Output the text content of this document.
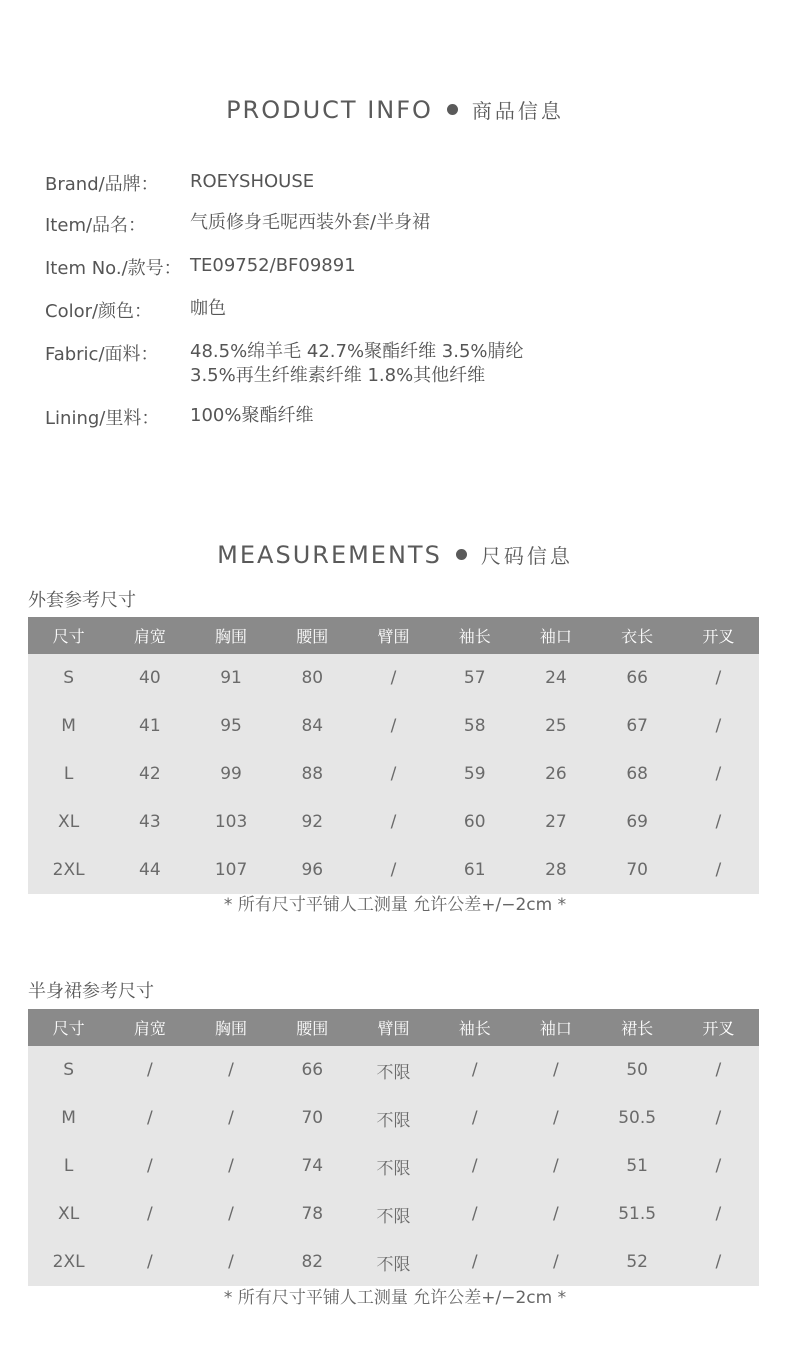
PRODUCT INFO 商品信息
Brand/品牌：	ROEYSHOUSE
Item/品名：	气质修身毛呢西装外套/半身裙
Item No./款号： TE09752/BF09891
Color/颜色：	咖色
Fabric/面料：	48.5%绵羊毛 42.7%聚酯纤维 3.5%腈纶
3.5%再生纤维素纤维 1.8%其他纤维
Lining/里料：	100%聚酯纤维
MEASUREMENTS 尺码信息
外套参考尺寸
尺寸	肩宽	胸围	腰围	臂围	袖长	袖口	衣长	开叉
S	40	91	80	/	57	24	66	/
M	41	95	84	/	58	25	67	/
L	42	99	88	/	59	26	68	/
XL	43	103	92	/	60	27	69	/
2XL	44	107	96	/	61	28	70	/
* 所有尺寸平铺人工测量 允许公差+/−2cm *
半身裙参考尺寸
尺寸	肩宽	胸围	腰围	臂围	袖长	袖口	裙长	开叉
S	/	/	66	不限	/	/	50	/
M	/	/	70	不限	/	/	50.5	/
L	/	/	74	不限	/	/	51	/
XL	/	/	78	不限	/	/	51.5	/
2XL	/	/	82	不限	/	/	52	/
* 所有尺寸平铺人工测量 允许公差+/−2cm *
